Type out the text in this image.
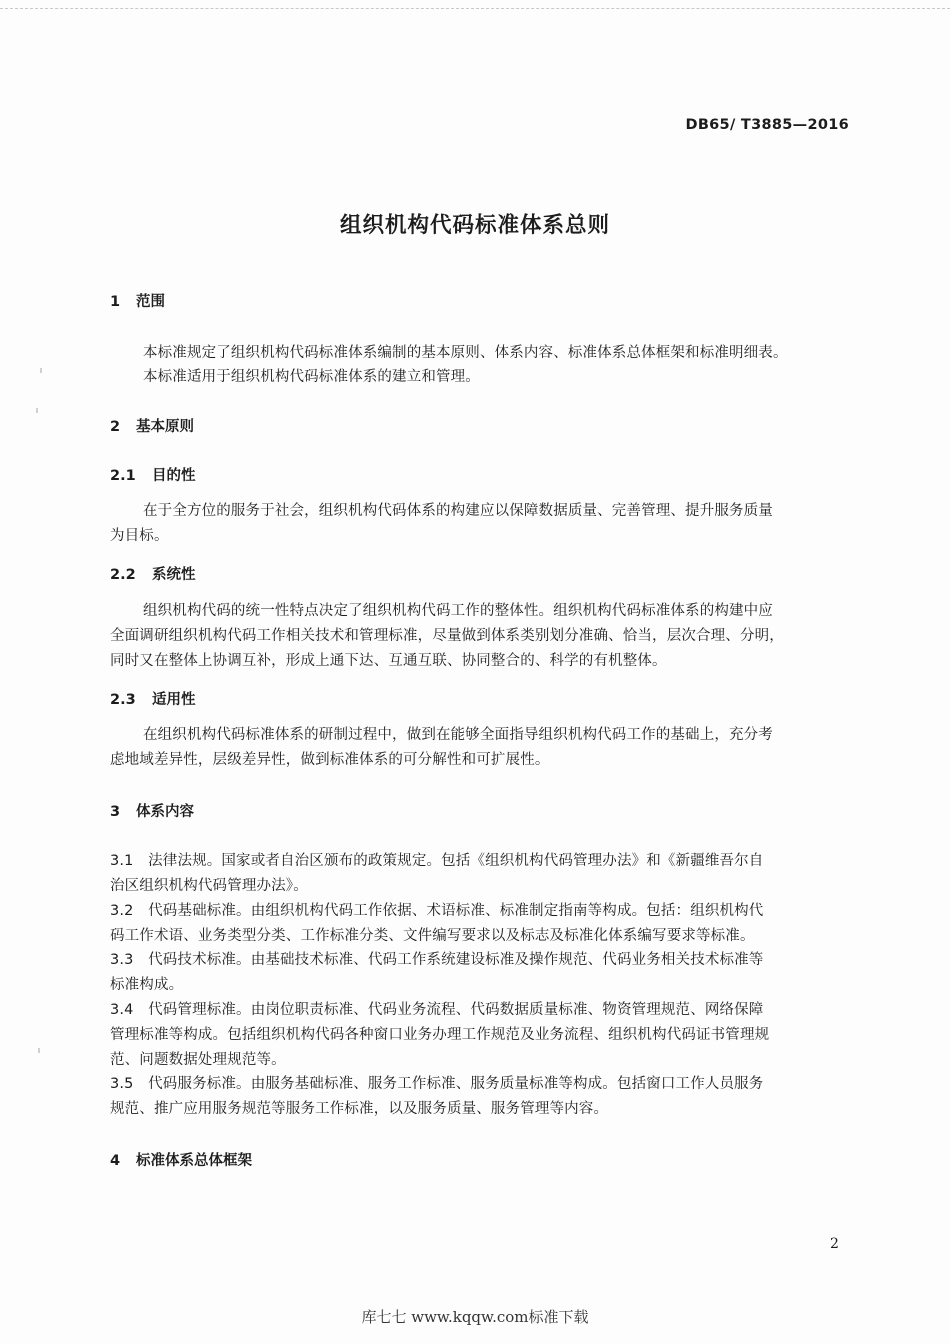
DB65/ T3885—2016
组织机构代码标准体系总则
1 范围
本标准规定了组织机构代码标准体系编制的基本原则、体系内容、标准体系总体框架和标准明细表。
本标准适用于组织机构代码标准体系的建立和管理。
2 基本原则
2.1 目的性
在于全方位的服务于社会，组织机构代码体系的构建应以保障数据质量、完善管理、提升服务质量
为目标。
2.2 系统性
组织机构代码的统一性特点决定了组织机构代码工作的整体性。组织机构代码标准体系的构建中应
全面调研组织机构代码工作相关技术和管理标准，尽量做到体系类别划分准确、恰当，层次合理、分明，
同时又在整体上协调互补，形成上通下达、互通互联、协同整合的、科学的有机整体。
2.3 适用性
在组织机构代码标准体系的研制过程中，做到在能够全面指导组织机构代码工作的基础上，充分考
虑地域差异性，层级差异性，做到标准体系的可分解性和可扩展性。
3 体系内容
3.1　法律法规。国家或者自治区颁布的政策规定。包括《组织机构代码管理办法》和《新疆维吾尔自
治区组织机构代码管理办法》。
3.2　代码基础标准。由组织机构代码工作依据、术语标准、标准制定指南等构成。包括：组织机构代
码工作术语、业务类型分类、工作标准分类、文件编写要求以及标志及标准化体系编写要求等标准。
3.3　代码技术标准。由基础技术标准、代码工作系统建设标准及操作规范、代码业务相关技术标准等
标准构成。
3.4　代码管理标准。由岗位职责标准、代码业务流程、代码数据质量标准、物资管理规范、网络保障
管理标准等构成。包括组织机构代码各种窗口业务办理工作规范及业务流程、组织机构代码证书管理规
范、问题数据处理规范等。
3.5　代码服务标准。由服务基础标准、服务工作标准、服务质量标准等构成。包括窗口工作人员服务
规范、推广应用服务规范等服务工作标准，以及服务质量、服务管理等内容。
4 标准体系总体框架
2
库七七 www.kqqw.com标准下载
